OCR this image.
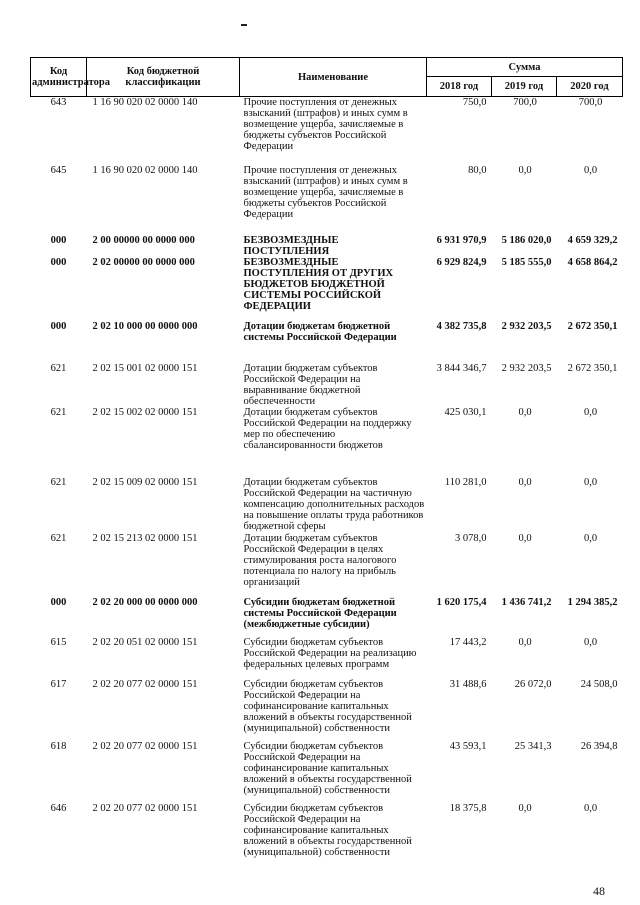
Код администратора	Код бюджетной классификации	Наименование	Сумма		
			2018 год	2019 год	2020 год
643	1 16 90 020 02 0000 140	Прочие поступления от денежных взысканий (штрафов) и иных сумм в возмещение ущерба, зачисляемые в бюджеты субъектов Российской Федерации	750,0	700,0	700,0
645	1 16 90 020 02 0000 140	Прочие поступления от денежных взысканий (штрафов) и иных сумм в возмещение ущерба, зачисляемые в бюджеты субъектов Российской Федерации	80,0	0,0	0,0
000	2 00 00000 00 0000 000	БЕЗВОЗМЕЗДНЫЕ ПОСТУПЛЕНИЯ	6 931 970,9	5 186 020,0	4 659 329,2
000	2 02 00000 00 0000 000	БЕЗВОЗМЕЗДНЫЕ ПОСТУПЛЕНИЯ ОТ ДРУГИХ БЮДЖЕТОВ БЮДЖЕТНОЙ СИСТЕМЫ РОССИЙСКОЙ ФЕДЕРАЦИИ	6 929 824,9	5 185 555,0	4 658 864,2
000	2 02 10 000 00 0000 000	Дотации бюджетам бюджетной системы Российской Федерации	4 382 735,8	2 932 203,5	2 672 350,1
621	2 02 15 001 02 0000 151	Дотации бюджетам субъектов Российской Федерации на выравнивание бюджетной обеспеченности	3 844 346,7	2 932 203,5	2 672 350,1
621	2 02 15 002 02 0000 151	Дотации бюджетам субъектов Российской Федерации на поддержку мер по обеспечению сбалансированности бюджетов	425 030,1	0,0	0,0
621	2 02 15 009 02 0000 151	Дотации бюджетам субъектов Российской Федерации на частичную компенсацию дополнительных расходов на повышение оплаты труда работников бюджетной сферы	110 281,0	0,0	0,0
621	2 02 15 213 02 0000 151	Дотации бюджетам субъектов Российской Федерации в целях стимулирования роста налогового потенциала по налогу на прибыль организаций	3 078,0	0,0	0,0
000	2 02 20 000 00 0000 000	Субсидии бюджетам бюджетной системы Российской Федерации (межбюджетные субсидии)	1 620 175,4	1 436 741,2	1 294 385,2
615	2 02 20 051 02 0000 151	Субсидии бюджетам субъектов Российской Федерации на реализацию федеральных целевых программ	17 443,2	0,0	0,0
617	2 02 20 077 02 0000 151	Субсидии бюджетам субъектов Российской Федерации на софинансирование капитальных вложений в объекты государственной (муниципальной) собственности	31 488,6	26 072,0	24 508,0
618	2 02 20 077 02 0000 151	Субсидии бюджетам субъектов Российской Федерации на софинансирование капитальных вложений в объекты государственной (муниципальной) собственности	43 593,1	25 341,3	26 394,8
646	2 02 20 077 02 0000 151	Субсидии бюджетам субъектов Российской Федерации на софинансирование капитальных вложений в объекты государственной (муниципальной) собственности	18 375,8	0,0	0,0
48
